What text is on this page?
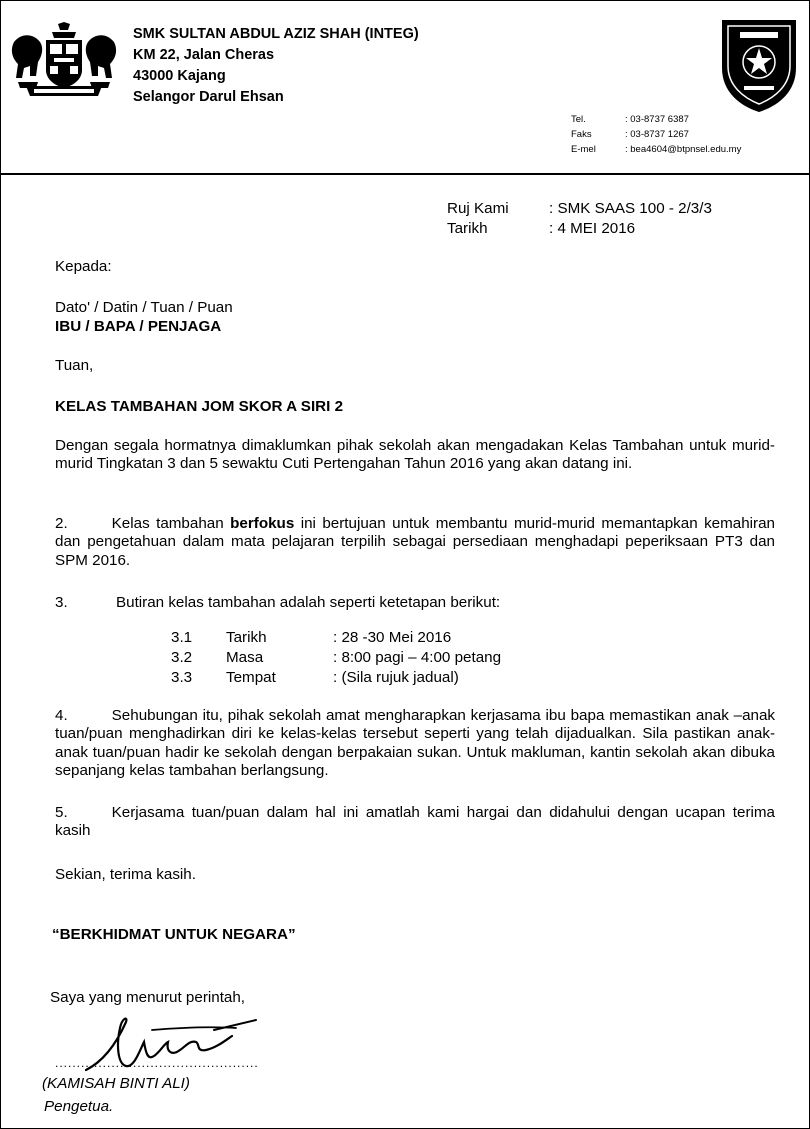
SMK SULTAN ABDUL AZIZ SHAH (INTEG)
KM 22, Jalan Cheras
43000 Kajang
Selangor Darul Ehsan
Tel.	: 03-8737 6387
Faks	: 03-8737 1267
E-mel	: bea4604@btpnsel.edu.my
Ruj Kami	: SMK SAAS 100 - 2/3/3
Tarikh	: 4 MEI 2016
Kepada:
Dato' / Datin / Tuan / Puan
IBU / BAPA / PENJAGA
Tuan,
KELAS TAMBAHAN JOM SKOR A SIRI 2
Dengan segala hormatnya dimaklumkan pihak sekolah akan mengadakan Kelas Tambahan untuk murid-murid Tingkatan 3 dan 5 sewaktu Cuti Pertengahan Tahun 2016 yang akan datang ini.
2.	Kelas tambahan berfokus ini bertujuan untuk membantu murid-murid memantapkan kemahiran dan pengetahuan dalam mata pelajaran terpilih sebagai persediaan menghadapi peperiksaan PT3 dan SPM 2016.
3.	Butiran kelas tambahan adalah seperti ketetapan berikut:
3.1 Tarikh	: 28 -30 Mei 2016
3.2 Masa	: 8:00 pagi – 4:00 petang
3.3 Tempat	: (Sila rujuk jadual)
4.	Sehubungan itu, pihak sekolah amat mengharapkan kerjasama ibu bapa memastikan anak –anak tuan/puan menghadirkan diri ke kelas-kelas tersebut seperti yang telah dijadualkan. Sila pastikan anak-anak tuan/puan hadir ke sekolah dengan berpakaian sukan. Untuk makluman, kantin sekolah akan dibuka sepanjang kelas tambahan berlangsung.
5.	Kerjasama tuan/puan dalam hal ini amatlah kami hargai dan didahului dengan ucapan terima kasih
Sekian, terima kasih.
“BERKHIDMAT UNTUK NEGARA”
Saya yang menurut perintah,
...............................................
(KAMISAH BINTI ALI)
Pengetua.
